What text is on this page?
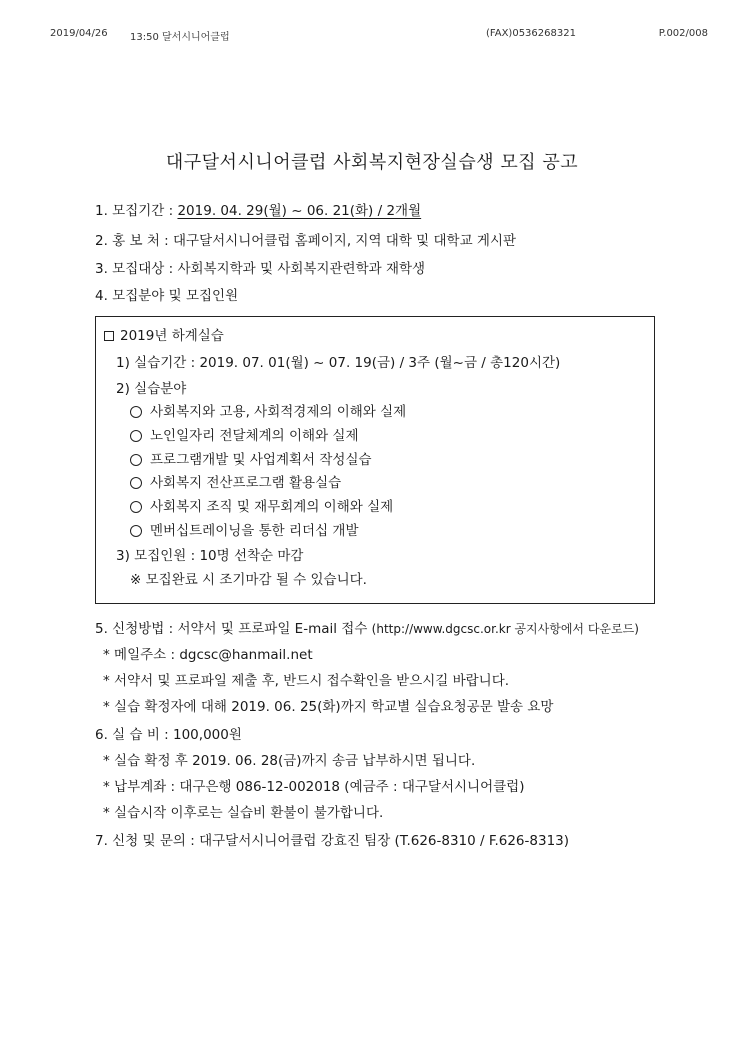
2019/04/26 13:50 달서시니어클럽	(FAX)0536268321	P.002/008
대구달서시니어클럽 사회복지현장실습생 모집 공고
1. 모집기간 : 2019. 04. 29(월) ~ 06. 21(화) / 2개월
2. 홍 보 처 : 대구달서시니어클럽 홈페이지, 지역 대학 및 대학교 게시판
3. 모집대상 : 사회복지학과 및 사회복지관련학과 재학생
4. 모집분야 및 모집인원
2019년 하계실습
1) 실습기간 : 2019. 07. 01(월) ~ 07. 19(금) / 3주 (월~금 / 총120시간)
2) 실습분야
사회복지와 고용, 사회적경제의 이해와 실제
노인일자리 전달체계의 이해와 실제
프로그램개발 및 사업계획서 작성실습
사회복지 전산프로그램 활용실습
사회복지 조직 및 재무회계의 이해와 실제
멘버십트레이닝을 통한 리더십 개발
3) 모집인원 : 10명 선착순 마감
※ 모집완료 시 조기마감 될 수 있습니다.
5. 신청방법 : 서약서 및 프로파일 E-mail 접수 (http://www.dgcsc.or.kr 공지사항에서 다운로드)
* 메일주소 : dgcsc@hanmail.net
* 서약서 및 프로파일 제출 후, 반드시 접수확인을 받으시길 바랍니다.
* 실습 확정자에 대해 2019. 06. 25(화)까지 학교별 실습요청공문 발송 요망
6. 실 습 비 : 100,000원
* 실습 확정 후 2019. 06. 28(금)까지 송금 납부하시면 됩니다.
* 납부계좌 : 대구은행 086-12-002018 (예금주 : 대구달서시니어클럽)
* 실습시작 이후로는 실습비 환불이 불가합니다.
7. 신청 및 문의 : 대구달서시니어클럽 강효진 팀장 (T.626-8310 / F.626-8313)
